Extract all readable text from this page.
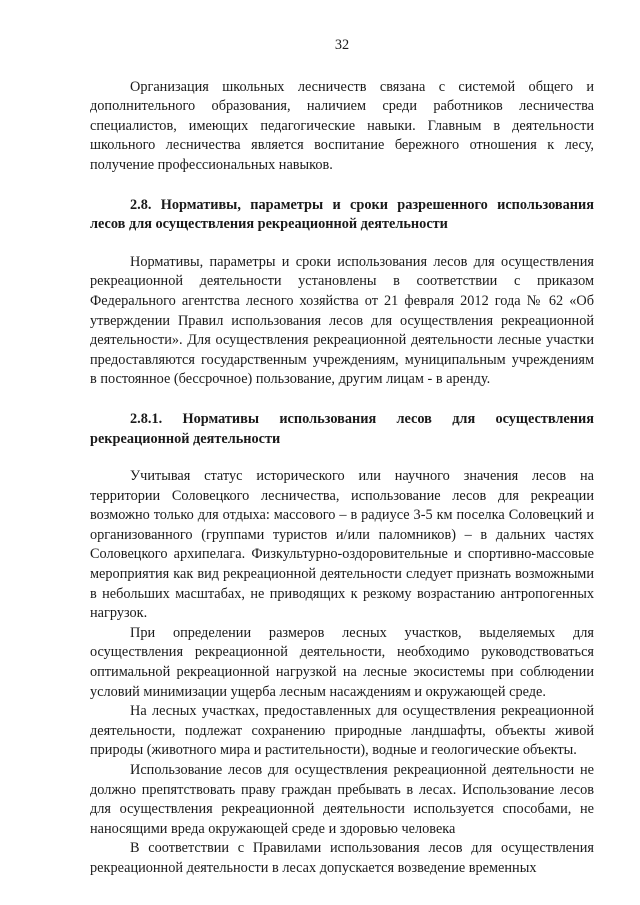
32

Организация школьных лесничеств связана с системой общего и дополнительного образования, наличием среди работников лесничества специалистов, имеющих педагогические навыки. Главным в деятельности школьного лесничества является воспитание бережного отношения к лесу, получение профессиональных навыков.

2.8. Нормативы, параметры и сроки разрешенного использования лесов для осуществления рекреационной деятельности

Нормативы, параметры и сроки использования лесов для осуществления рекреационной деятельности установлены в соответствии с приказом Федерального агентства лесного хозяйства от 21 февраля 2012 года № 62 «Об утверждении Правил использования лесов для осуществления рекреационной деятельности». Для осуществления рекреационной деятельности лесные участки предоставляются государственным учреждениям, муниципальным учреждениям в постоянное (бессрочное) пользование, другим лицам - в аренду.

2.8.1. Нормативы использования лесов для осуществления рекреационной деятельности

Учитывая статус исторического или научного значения лесов на территории Соловецкого лесничества, использование лесов для рекреации возможно только для отдыха: массового – в радиусе 3-5 км поселка Соловецкий и организованного (группами туристов и/или паломников) – в дальних частях Соловецкого архипелага. Физкультурно-оздоровительные и спортивно-массовые мероприятия как вид рекреационной деятельности следует признать возможными в небольших масштабах, не приводящих к резкому возрастанию антропогенных нагрузок.

При определении размеров лесных участков, выделяемых для осуществления рекреационной деятельности, необходимо руководствоваться оптимальной рекреационной нагрузкой на лесные экосистемы при соблюдении условий минимизации ущерба лесным насаждениям и окружающей среде.

На лесных участках, предоставленных для осуществления рекреационной деятельности, подлежат сохранению природные ландшафты, объекты живой природы (животного мира и растительности), водные и геологические объекты.

Использование лесов для осуществления рекреационной деятельности не должно препятствовать праву граждан пребывать в лесах. Использование лесов для осуществления рекреационной деятельности используется способами, не наносящими вреда окружающей среде и здоровью человека

В соответствии с Правилами использования лесов для осуществления рекреационной деятельности в лесах допускается возведение временных
